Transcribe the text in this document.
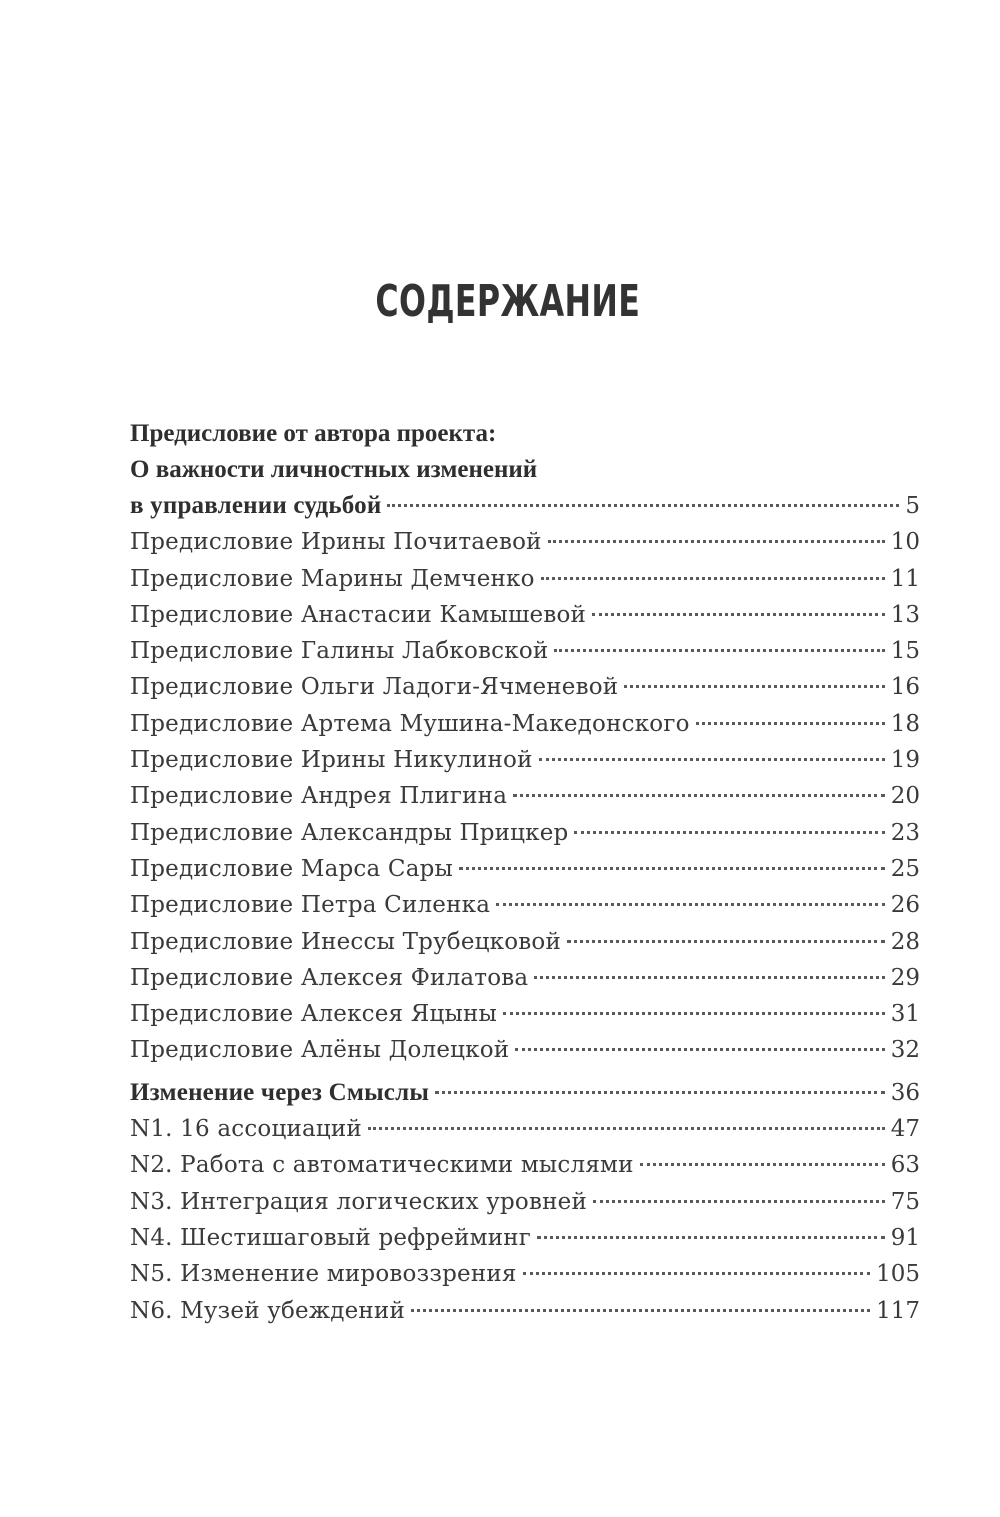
СОДЕРЖАНИЕ
Предисловие от автора проекта:
О важности личностных изменений
в управлении судьбой	5
Предисловие Ирины Почитаевой	10
Предисловие Марины Демченко	11
Предисловие Анастасии Камышевой	13
Предисловие Галины Лабковской	15
Предисловие Ольги Ладоги-Ячменевой	16
Предисловие Артема Мушина-Македонского	18
Предисловие Ирины Никулиной	19
Предисловие Андрея Плигина	20
Предисловие Александры Прицкер	23
Предисловие Марса Сары	25
Предисловие Петра Силенка	26
Предисловие Инессы Трубецковой	28
Предисловие Алексея Филатова	29
Предисловие Алексея Яцыны	31
Предисловие Алёны Долецкой	32
Изменение через Смыслы	36
N1. 16 ассоциаций	47
N2. Работа с автоматическими мыслями	63
N3. Интеграция логических уровней	75
N4. Шестишаговый рефрейминг	91
N5. Изменение мировоззрения	105
N6. Музей убеждений	117
